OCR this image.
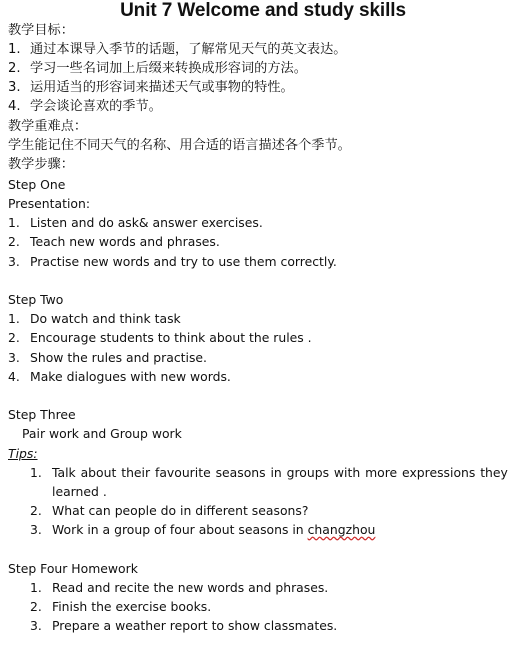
Unit 7 Welcome and study skills
教学目标：
1. 通过本课导入季节的话题，了解常见天气的英文表达。
2. 学习一些名词加上后缀来转换成形容词的方法。
3. 运用适当的形容词来描述天气或事物的特性。
4. 学会谈论喜欢的季节。
教学重难点：
学生能记住不同天气的名称、用合适的语言描述各个季节。
教学步骤：
Step One
Presentation:
1. Listen and do ask& answer exercises.
2. Teach new words and phrases.
3. Practise new words and try to use them correctly.
Step Two
1. Do watch and think task
2. Encourage students to think about the rules .
3. Show the rules and practise.
4. Make dialogues with new words.
Step Three
Pair work and Group work
Tips:
1. Talk about their favourite seasons in groups with more expressions they
learned .
2. What can people do in different seasons?
3. Work in a group of four about seasons in changzhou
Step Four Homework
1. Read and recite the new words and phrases.
2. Finish the exercise books.
3. Prepare a weather report to show classmates.
